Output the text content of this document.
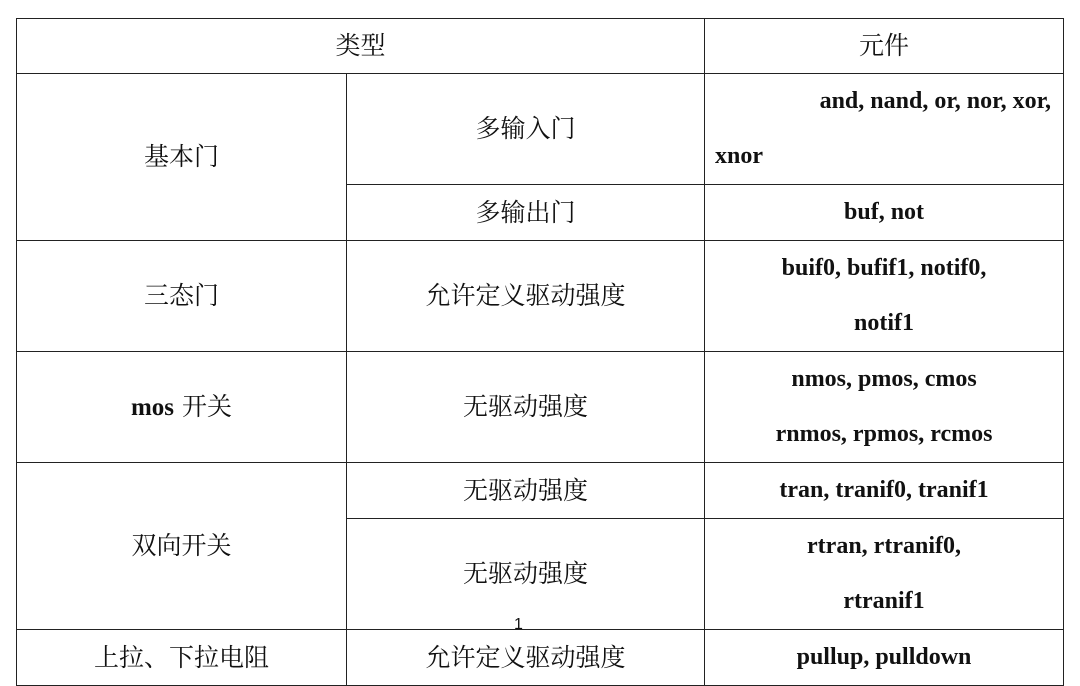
类型		元件
基本门	多输入门	and, nand, or, nor, xor,
xnor

	多输出门	buf, not
三态门	允许定义驱动强度	buif0, bufif1, notif0,
notif1

mos 开关	无驱动强度	nmos, pmos, cmos
rnmos, rpmos, rcmos

双向开关	无驱动强度	tran, tranif0, tranif1
	无驱动强度	rtran, rtranif0,
rtranif1

上拉、下拉电阻	允许定义驱动强度	pullup, pulldown
1
